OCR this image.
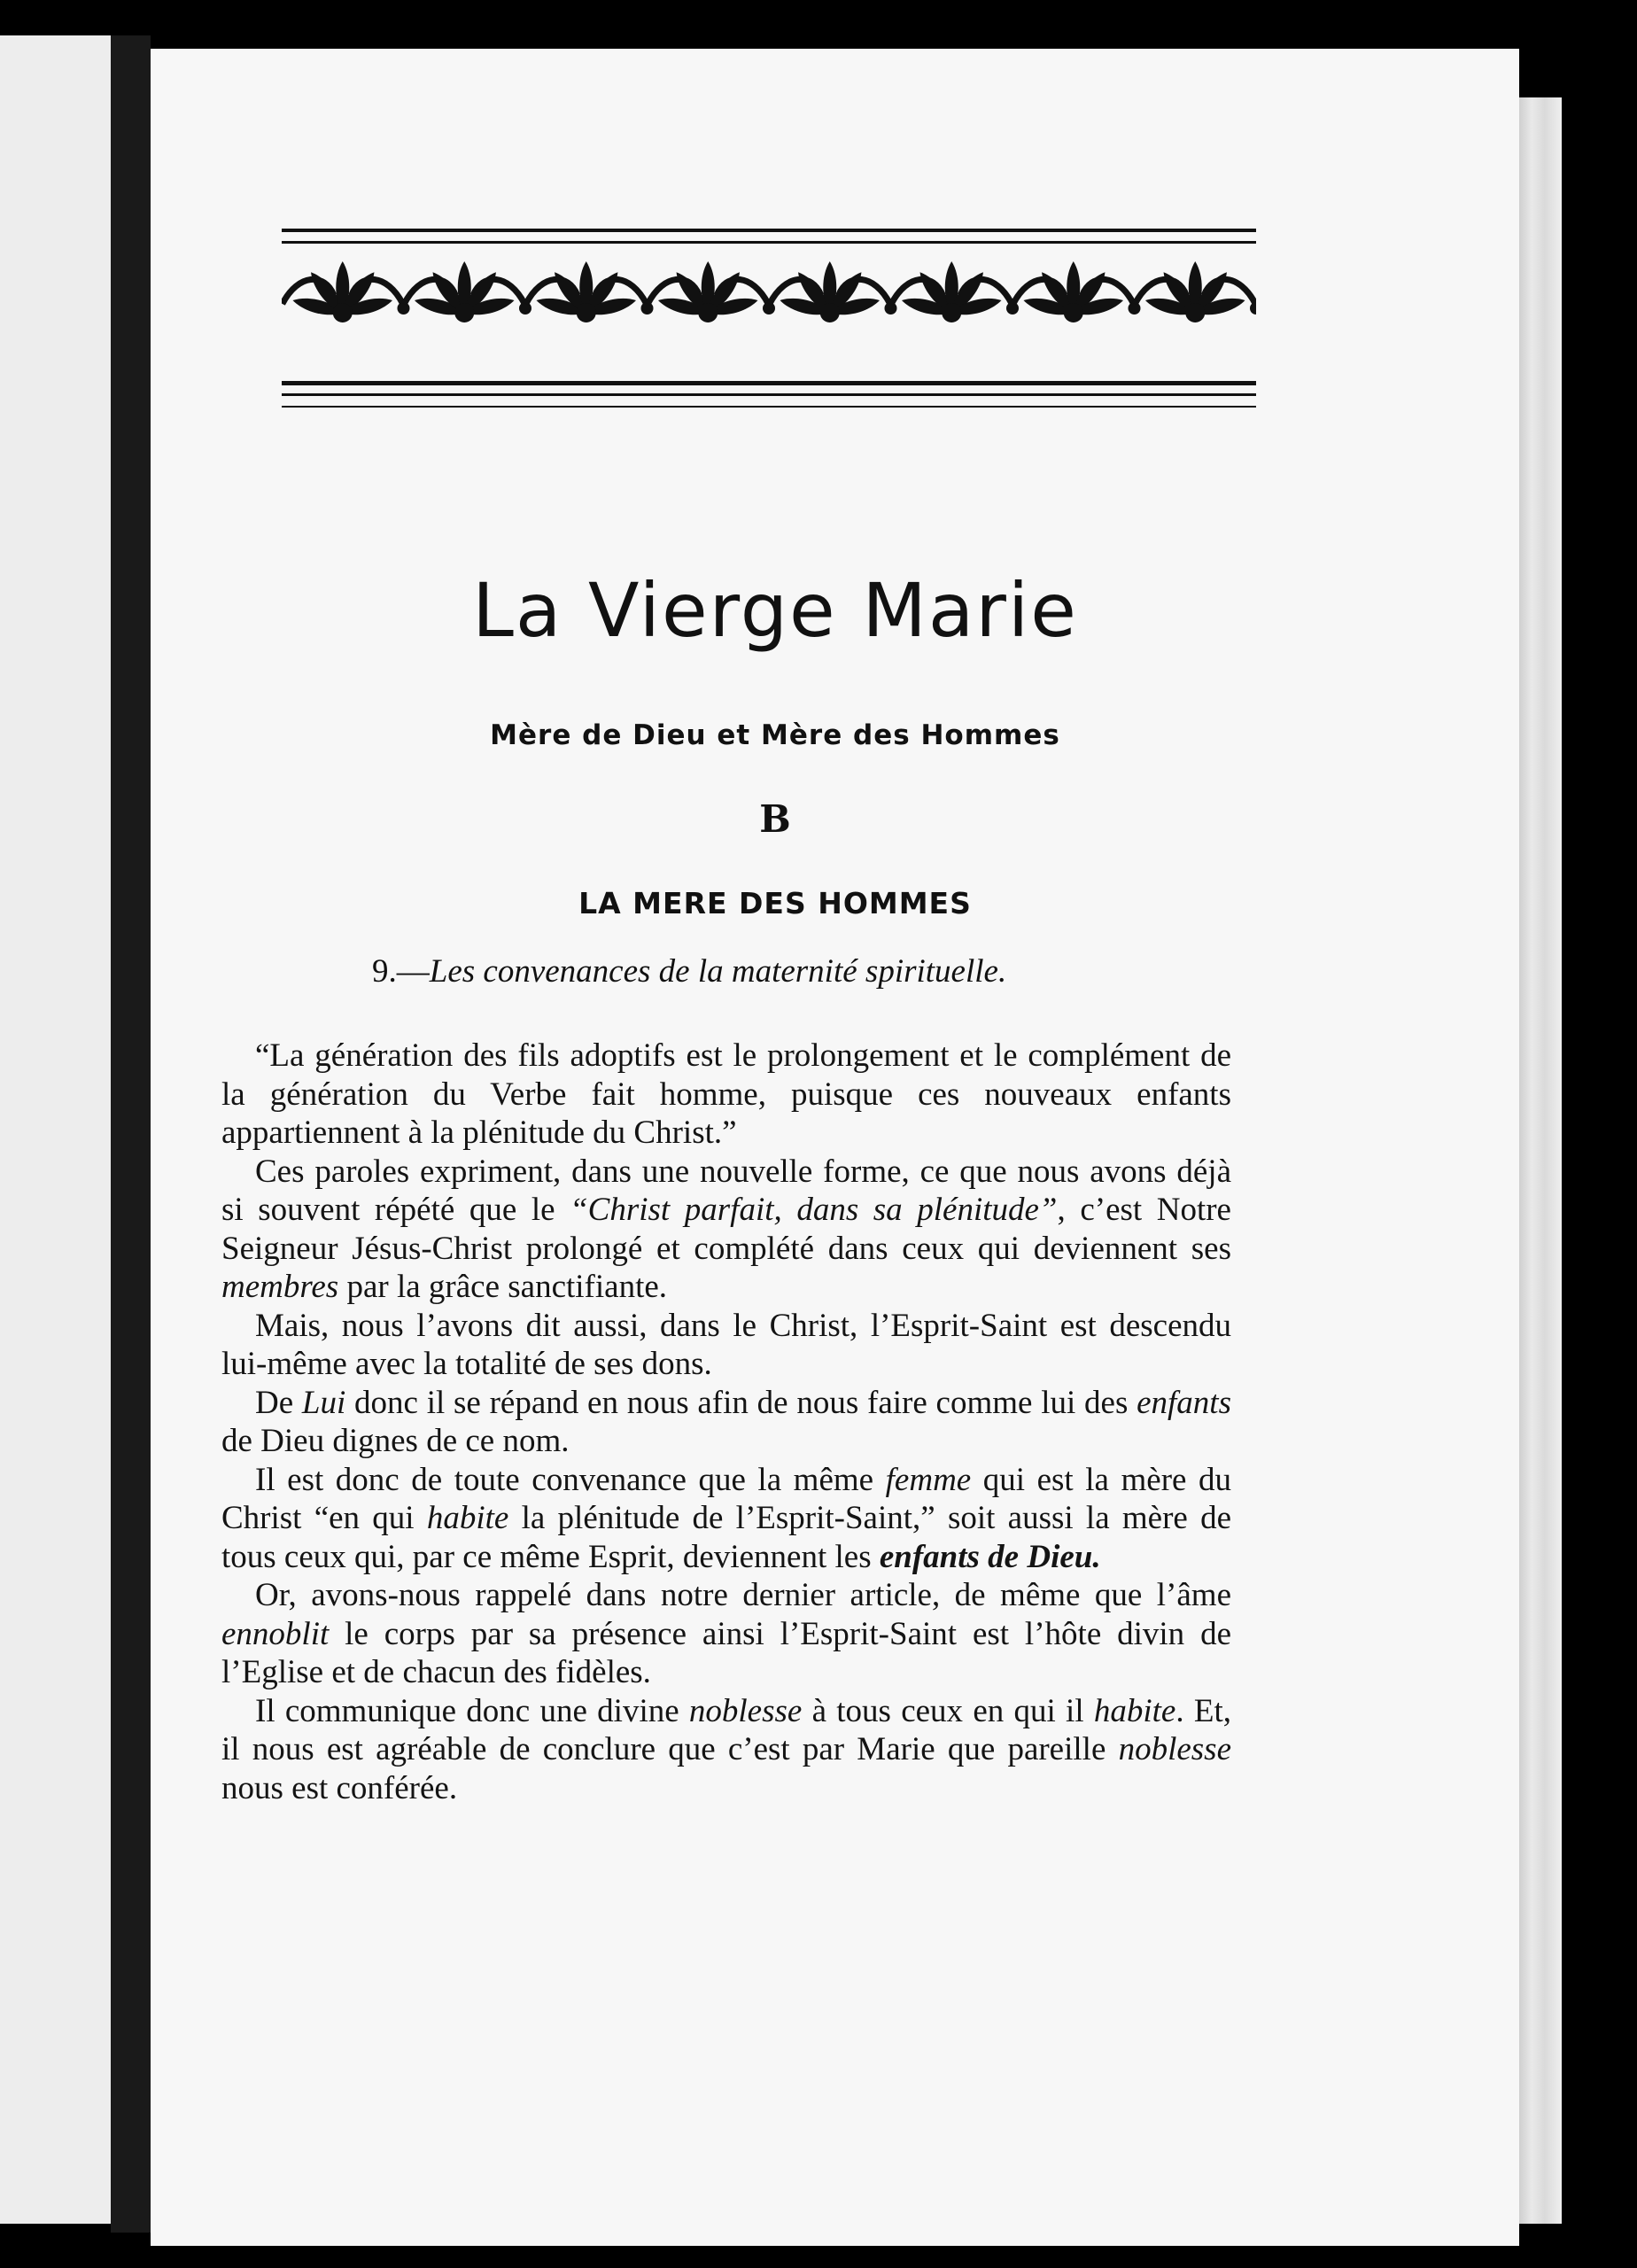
La Vierge Marie
Mère de Dieu et Mère des Hommes
B
LA MERE DES HOMMES
9.—Les convenances de la maternité spirituelle.

“La génération des fils adoptifs est le prolongement et le complément de la génération du Verbe fait homme, puisque ces nouveaux enfants appartiennent à la plénitude du Christ.”

Ces paroles expriment, dans une nouvelle forme, ce que nous avons déjà si souvent répété que le “Christ parfait, dans sa plénitude”, c’est Notre Seigneur Jésus-Christ prolongé et complété dans ceux qui deviennent ses membres par la grâce sanctifiante.

Mais, nous l’avons dit aussi, dans le Christ, l’Esprit-Saint est descendu lui-même avec la totalité de ses dons.

De Lui donc il se répand en nous afin de nous faire comme lui des enfants de Dieu dignes de ce nom.

Il est donc de toute convenance que la même femme qui est la mère du Christ “en qui habite la plénitude de l’Esprit-Saint,” soit aussi la mère de tous ceux qui, par ce même Esprit, deviennent les enfants de Dieu.

Or, avons-nous rappelé dans notre dernier article, de même que l’âme ennoblit le corps par sa présence ainsi l’Esprit-Saint est l’hôte divin de l’Eglise et de chacun des fidèles.

Il communique donc une divine noblesse à tous ceux en qui il habite. Et, il nous est agréable de conclure que c’est par Marie que pareille noblesse nous est conférée.
